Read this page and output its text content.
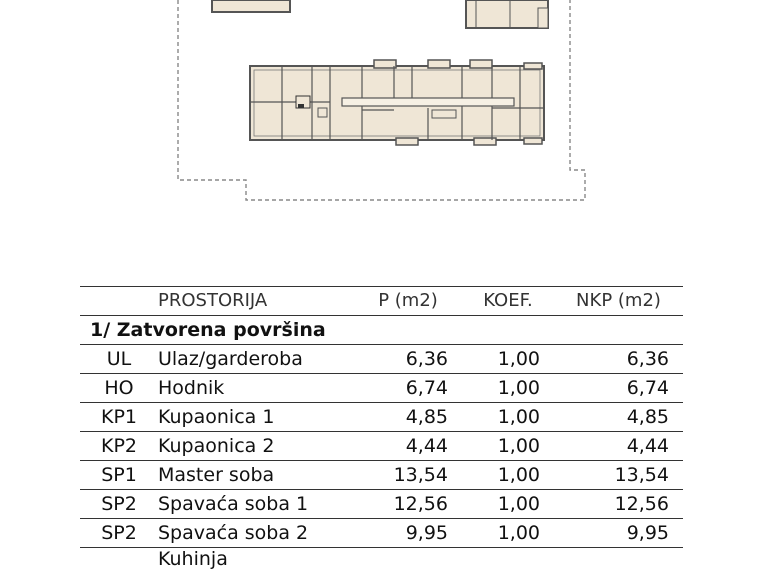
	PROSTORIJA	P (m2)	KOEF.	NKP (m2)
1/ Zatvorena površina				
UL	Ulaz/garderoba	6,36	1,00	6,36
HO	Hodnik	6,74	1,00	6,74
KP1	Kupaonica 1	4,85	1,00	4,85
KP2	Kupaonica 2	4,44	1,00	4,44
SP1	Master soba	13,54	1,00	13,54
SP2	Spavaća soba 1	12,56	1,00	12,56
SP2	Spavaća soba 2	9,95	1,00	9,95
	Kuhinja			
